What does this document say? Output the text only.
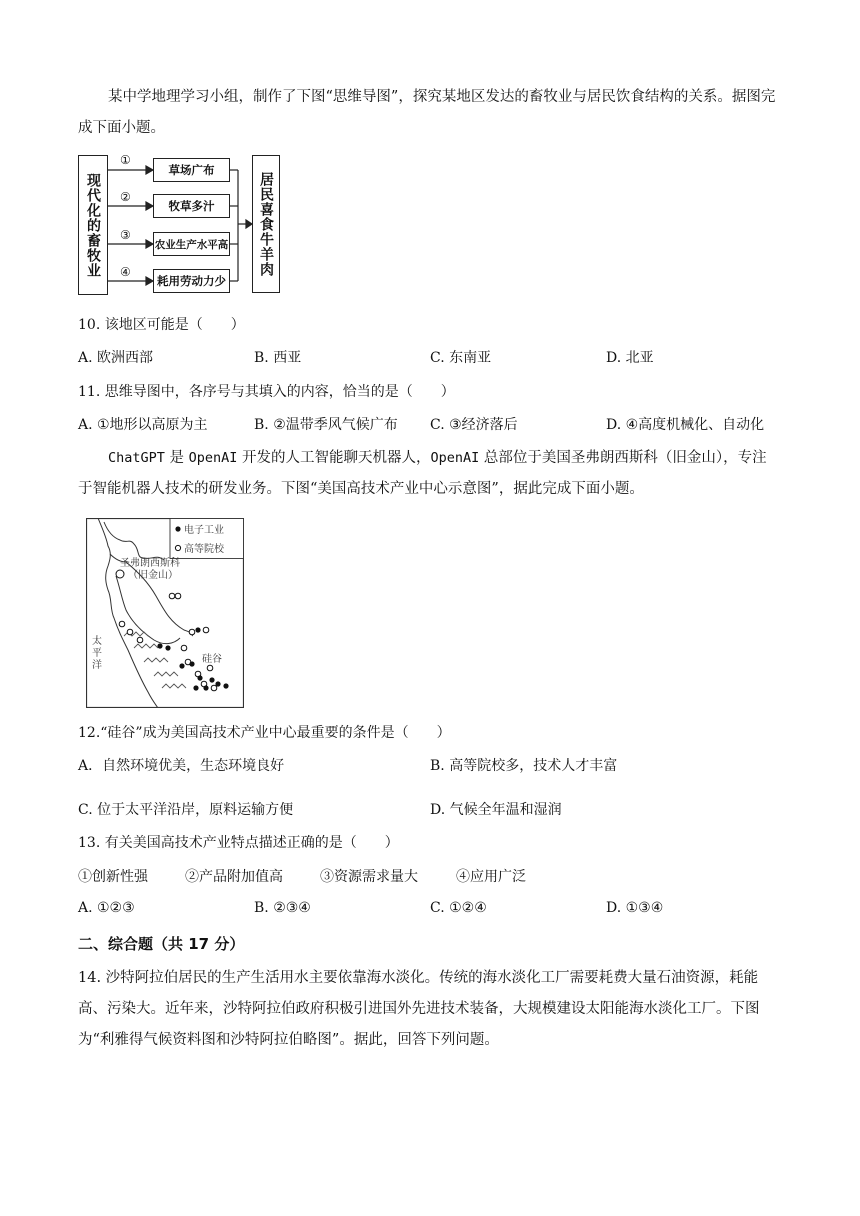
某中学地理学习小组，制作了下图“思维导图”，探究某地区发达的畜牧业与居民饮食结构的关系。据图完成下面小题。
现代化的畜牧业	居民喜食牛羊肉
①
②
③
④
草场广布
牧草多汁
农业生产水平高
耗用劳动力少
10. 该地区可能是（　　）
A. 欧洲西部	B. 西亚	C. 东南亚	D. 北亚
11. 思维导图中，各序号与其填入的内容，恰当的是（　　）
A. ①地形以高原为主	B. ②温带季风气候广布 C. ③经济落后	D. ④高度机械化、自动化
ChatGPT 是 OpenAI 开发的人工智能聊天机器人，OpenAI 总部位于美国圣弗朗西斯科（旧金山），专注于智能机器人技术的研发业务。下图“美国高技术产业中心示意图”，据此完成下面小题。
电子工业
高等院校
圣弗朗西斯科
（旧金山）
太
平
洋
硅谷
12.“硅谷”成为美国高技术产业中心最重要的条件是（　　）
A．自然环境优美，生态环境良好	B. 高等院校多，技术人才丰富
C. 位于太平洋沿岸，原料运输方便	D. 气候全年温和湿润
13. 有关美国高技术产业特点描述正确的是（　　）
①创新性强	②产品附加值高	③资源需求量大	④应用广泛
A. ①②③	B. ②③④	C. ①②④	D. ①③④
二、综合题（共 17 分）
14. 沙特阿拉伯居民的生产生活用水主要依靠海水淡化。传统的海水淡化工厂需要耗费大量石油资源，耗能高、污染大。近年来，沙特阿拉伯政府积极引进国外先进技术装备，大规模建设太阳能海水淡化工厂。下图为“利雅得气候资料图和沙特阿拉伯略图”。据此，回答下列问题。
